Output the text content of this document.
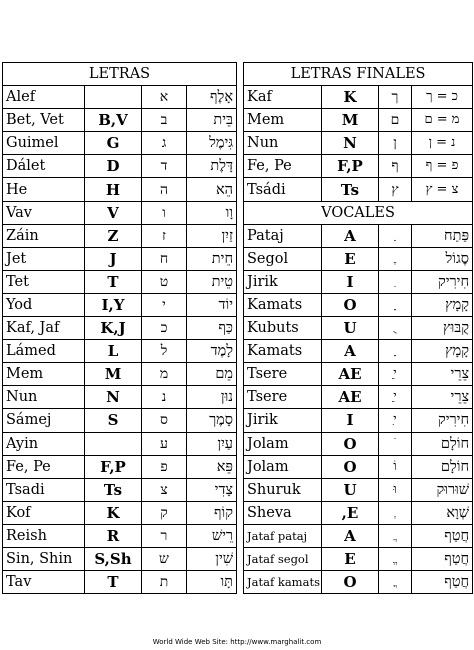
LETRAS			
Alef		א	אָלֶף
Bet, Vet	B,V	ב	בֵּית
Guimel	G	ג	גִּימֶל
Dálet	D	ד	דָּלֶת
He	H	ה	הֵא
Vav	V	ו	וָו
Záin	Z	ז	זַיִן
Jet	J	ח	חֵית
Tet	T	ט	טֵית
Yod	I,Y	י	יוֹד
Kaf, Jaf	K,J	כ	כַּף
Lámed	L	ל	לָמֶד
Mem	M	מ	מֵם
Nun	N	נ	נוּן
Sámej	S	ס	סָמֶך
Ayin		ע	עַיִן
Fe, Pe	F,P	פ	פֵּא
Tsadi	Ts	צ	צָדִי
Kof	K	ק	קוֹף
Reish	R	ר	רֵישׁ
Sin, Shin	S,Sh	ש	שִׁין
Tav	T	ת	תָּו
LETRAS FINALES			
Kaf	K	ך	כ = ך
Mem	M	ם	מ = ם
Nun	N	ן	נ = ן
Fe, Pe	F,P	ף	פ = ף
Tsádi	Ts	ץ	צ = ץ
VOCALES			
Pataj	A		פַּתַח
Segol	E		סֶגוֹל
Jirik	I		חִירִיק
Kamats	O		קָמָץ
Kubuts	U		קֻבּוּץ
Kamats	A		קָמָץ
Tsere	AE	ֵי	צֵרֵי
Tsere	AE	ֵי	צֵרֵי
Jirik	I	ִי	חִירִיק
Jolam	O		חוֹלָם
Jolam	O	וֹ	חוֹלָם
Shuruk	U	וּ	שׁוּרוּק
Sheva	,E		שְׁוָא
Jataf pataj	A		חֲטַף
Jataf segol	E		חֲטַף
Jataf kamats	O		חֲטַף
World Wide Web Site: http://www.marghalit.com
